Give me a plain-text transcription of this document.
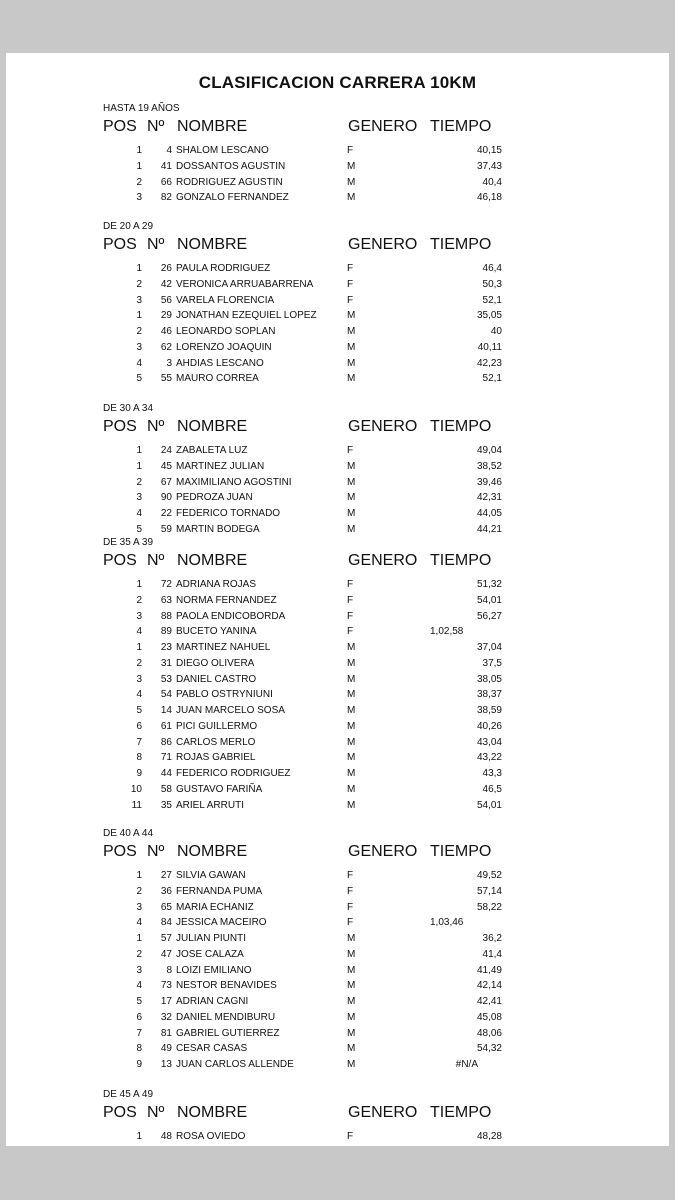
CLASIFICACION CARRERA 10KM
HASTA 19 AÑOS
POS Nº NOMBRE	GENERO TIEMPO
1	4 SHALOM LESCANO	F	40,15
1	41 DOSSANTOS AGUSTIN	M	37,43
2	66 RODRIGUEZ AGUSTIN	M	40,4
3	82 GONZALO FERNANDEZ	M	46,18
DE 20 A 29
POS Nº NOMBRE	GENERO TIEMPO
1	26 PAULA RODRIGUEZ	F	46,4
2	42 VERONICA ARRUABARRENA	F	50,3
3	56 VARELA FLORENCIA	F	52,1
1	29 JONATHAN EZEQUIEL LOPEZ	M	35,05
2	46 LEONARDO SOPLAN	M	40
3	62 LORENZO JOAQUIN	M	40,11
4	3 AHDIAS LESCANO	M	42,23
5	55 MAURO CORREA	M	52,1
DE 30 A 34
POS Nº NOMBRE	GENERO TIEMPO
1	24 ZABALETA LUZ	F	49,04
1	45 MARTINEZ JULIAN	M	38,52
2	67 MAXIMILIANO AGOSTINI	M	39,46
3	90 PEDROZA JUAN	M	42,31
4	22 FEDERICO TORNADO	M	44,05
5	59 MARTIN BODEGA	M	44,21
DE 35 A 39
POS Nº NOMBRE	GENERO TIEMPO
1	72 ADRIANA ROJAS	F	51,32
2	63 NORMA FERNANDEZ	F	54,01
3	88 PAOLA ENDICOBORDA	F	56,27
4	89 BUCETO YANINA	F	1,02,58
1	23 MARTINEZ NAHUEL	M	37,04
2	31 DIEGO OLIVERA	M	37,5
3	53 DANIEL CASTRO	M	38,05
4	54 PABLO OSTRYNIUNI	M	38,37
5	14 JUAN MARCELO SOSA	M	38,59
6	61 PICI GUILLERMO	M	40,26
7	86 CARLOS MERLO	M	43,04
8	71 ROJAS GABRIEL	M	43,22
9	44 FEDERICO RODRIGUEZ	M	43,3
10	58 GUSTAVO FARIÑA	M	46,5
11	35 ARIEL ARRUTI	M	54,01
DE 40 A 44
POS Nº NOMBRE	GENERO TIEMPO
1	27 SILVIA GAWAN	F	49,52
2	36 FERNANDA PUMA	F	57,14
3	65 MARIA ECHANIZ	F	58,22
4	84 JESSICA MACEIRO	F	1,03,46
1	57 JULIAN PIUNTI	M	36,2
2	47 JOSE CALAZA	M	41,4
3	8 LOIZI EMILIANO	M	41,49
4	73 NESTOR BENAVIDES	M	42,14
5	17 ADRIAN CAGNI	M	42,41
6	32 DANIEL MENDIBURU	M	45,08
7	81 GABRIEL GUTIERREZ	M	48,06
8	49 CESAR CASAS	M	54,32
9	13 JUAN CARLOS ALLENDE	M	#N/A
DE 45 A 49
POS Nº NOMBRE	GENERO TIEMPO
1	48 ROSA OVIEDO	F	48,28
